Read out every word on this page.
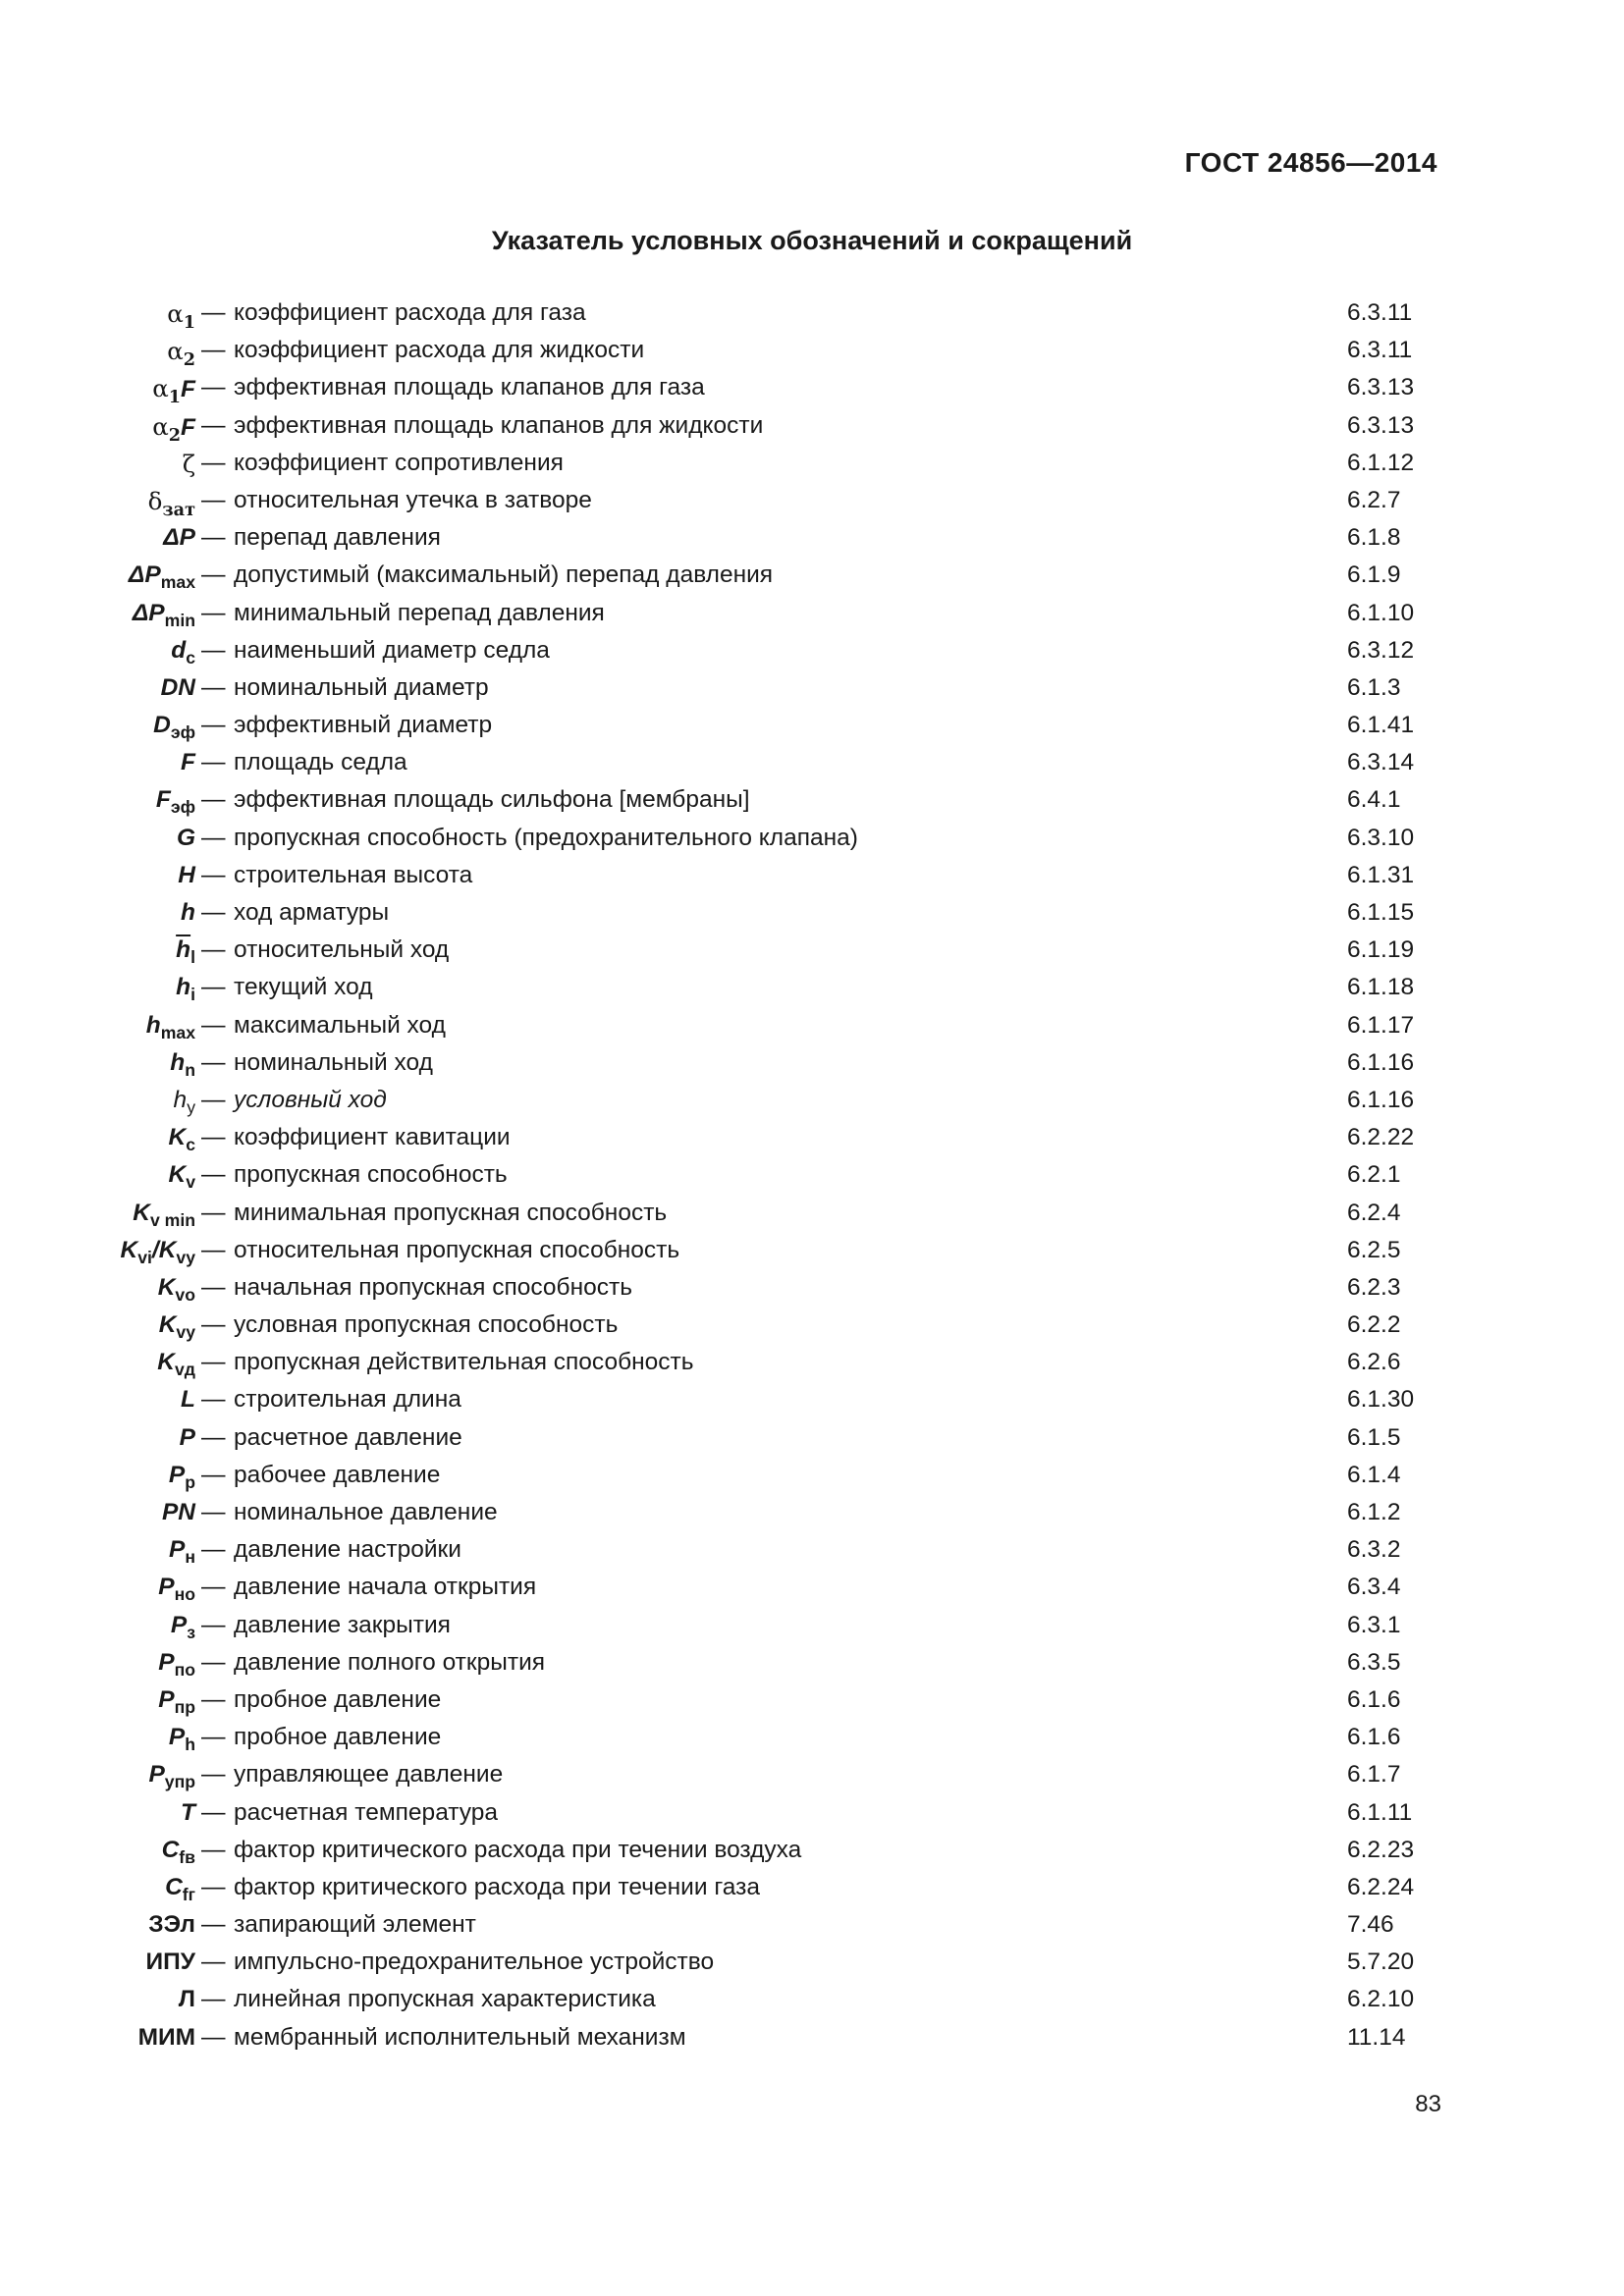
ГОСТ 24856—2014
Указатель условных обозначений и сокращений
$\alpha_1$ — коэффициент расхода для газа	6.3.11
$\alpha_2$ — коэффициент расхода для жидкости	6.3.11
$\alpha_1F$ — эффективная площадь клапанов для газа	6.3.13
$\alpha_2F$ — эффективная площадь клапанов для жидкости	6.3.13
ζ — коэффициент сопротивления	6.1.12
$\delta_{зат}$ — относительная утечка в затворе	6.2.7
ΔP — перепад давления	6.1.8
$\Delta P_{max}$ — допустимый (максимальный) перепад давления	6.1.9
$\Delta P_{min}$ — минимальный перепад давления	6.1.10
$d_c$ — наименьший диаметр седла	6.3.12
DN — номинальный диаметр	6.1.3
$D_{эф}$ — эффективный диаметр	6.1.41
F — площадь седла	6.3.14
$F_{эф}$ — эффективная площадь сильфона [мембраны]	6.4.1
G — пропускная способность (предохранительного клапана)	6.3.10
H — строительная высота	6.1.31
h — ход арматуры	6.1.15
$\overline{h}_l$ — относительный ход	6.1.19
$h_i$ — текущий ход	6.1.18
$h_{max}$ — максимальный ход	6.1.17
$h_n$ — номинальный ход	6.1.16
$h_y$ — условный ход	6.1.16
$K_c$ — коэффициент кавитации	6.2.22
$K_v$ — пропускная способность	6.2.1
$K_{v min}$ — минимальная пропускная способность	6.2.4
$K_{vi}/K_{vy}$ — относительная пропускная способность	6.2.5
$K_{vo}$ — начальная пропускная способность	6.2.3
$K_{vy}$ — условная пропускная способность	6.2.2
$K_{vд}$ — пропускная действительная способность	6.2.6
L — строительная длина	6.1.30
P — расчетное давление	6.1.5
$P_p$ — рабочее давление	6.1.4
PN — номинальное давление	6.1.2
$P_н$ — давление настройки	6.3.2
$P_{но}$ — давление начала открытия	6.3.4
$P_з$ — давление закрытия	6.3.1
$P_{по}$ — давление полного открытия	6.3.5
$P_{пр}$ — пробное давление	6.1.6
$P_h$ — пробное давление	6.1.6
$P_{упр}$ — управляющее давление	6.1.7
T — расчетная температура	6.1.11
$C_{fв}$ — фактор критического расхода при течении воздуха	6.2.23
$C_{fг}$ — фактор критического расхода при течении газа	6.2.24
ЗЭл — запирающий элемент	7.46
ИПУ — импульсно-предохранительное устройство	5.7.20
Л — линейная пропускная характеристика	6.2.10
МИМ — мембранный исполнительный механизм	11.14
83
